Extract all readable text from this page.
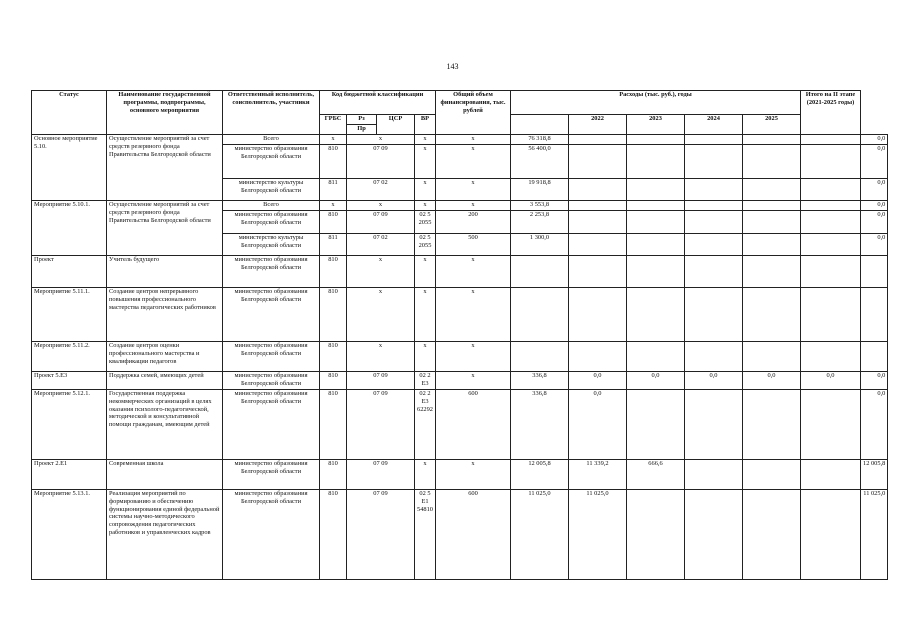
143
Статус	Наименование государственной программы, подпрограммы, основного мероприятия	Ответственный исполнитель, соисполнитель, участники	Код бюджетной классификации				Общий объем финансирования, тыс. рублей	Расходы (тыс. руб.), годы					Итого на II этапе (2021-2025 годы)	
			ГРБС	Рз	ЦСР	ВР			2022	2023	2024	2025		
				Пр										
Основное мероприятие 5.10.	Осуществление мероприятий за счет средств резервного фонда Правительства Белгородской области	Всего	x	x		x	x	76 318,8						0,0
		министерство образования Белгородской области	810	07 09		x	x	56 400,0						0,0
		министерство культуры Белгородской области	811	07 02		x	x	19 918,8						0,0
Мероприятие 5.10.1.	Осуществление мероприятий за счет средств резервного фонда Правительства Белгородской области	Всего	x	x		x	x	3 553,8						0,0
		министерство образования Белгородской области	810	07 09		02 5 2055	200	2 253,8						0,0
		министерство культуры Белгородской области	811	07 02		02 5 2055	500	1 300,0						0,0
Проект	Учитель будущего	министерство образования Белгородской области	810	x		x	x							
Мероприятие 5.11.1.	Создание центров непрерывного повышения профессионального мастерства педагогических работников	министерство образования Белгородской области	810	x		x	x							
Мероприятие 5.11.2.	Создание центров оценки профессионального мастерства и квалификации педагогов	министерство образования Белгородской области	810	x		x	x							
Проект 5.Е3	Поддержка семей, имеющих детей	министерство образования Белгородской области	810	07 09		02 2 Е3	x	336,8	0,0	0,0	0,0	0,0	0,0	0,0
Мероприятие 5.12.1.	Государственная поддержка некоммерческих организаций в целях оказания психолого-педагогической, методической и консультативной помощи гражданам, имеющим детей	министерство образования Белгородской области	810	07 09		02 2 Е3 62292	600	336,8	0,0					0,0
Проект 2.Е1	Современная школа	министерство образования Белгородской области	810	07 09		x	x	12 005,8	11 339,2	666,6				12 005,8
Мероприятие 5.13.1.	Реализация мероприятий по формированию и обеспечению функционирования единой федеральной системы научно-методического сопровождения педагогических работников и управленческих кадров	министерство образования Белгородской области	810	07 09		02 5 Е1 54810	600	11 025,0	11 025,0					11 025,0
